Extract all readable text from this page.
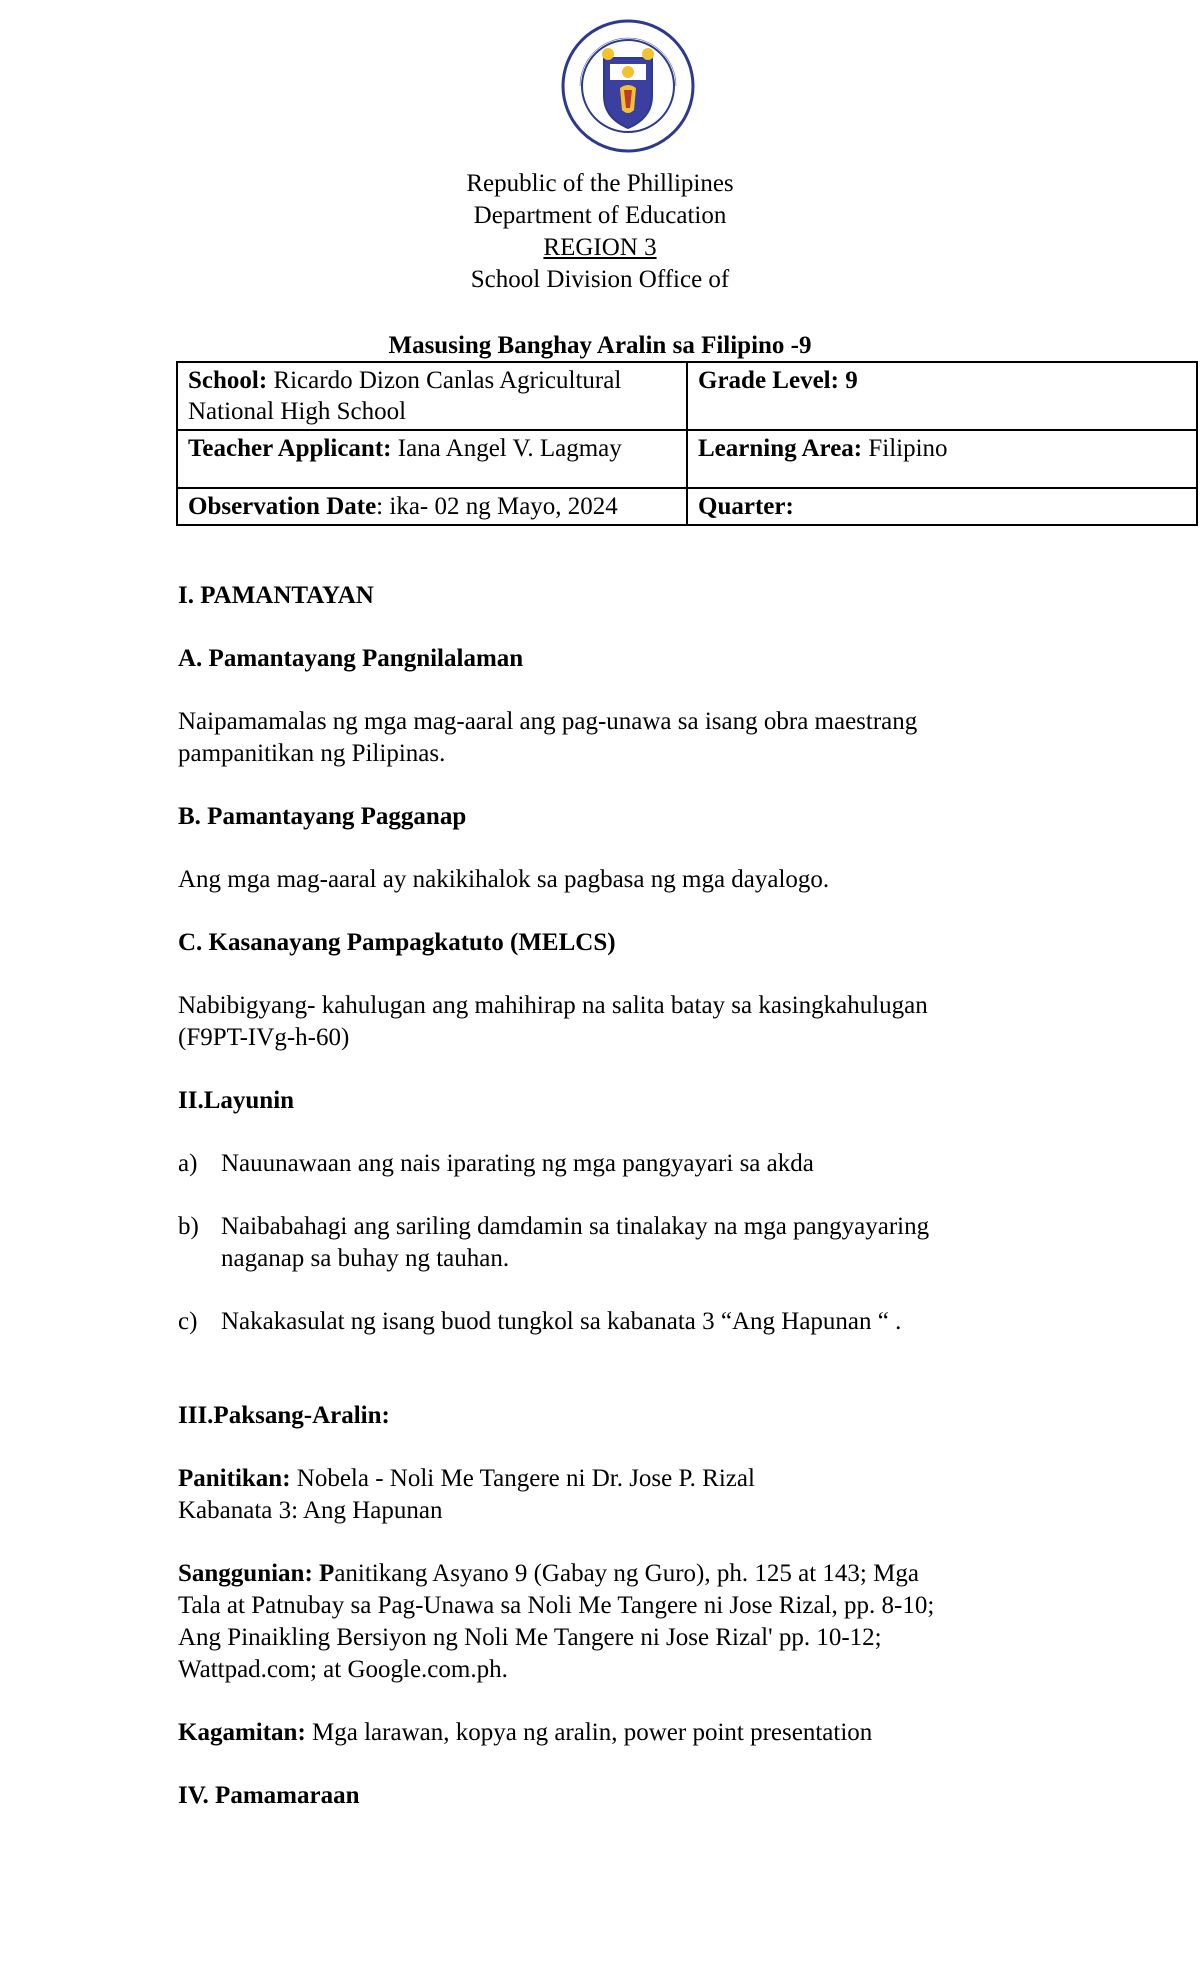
Republic of the Phillipines
Department of Education
REGION 3
School Division Office of
Masusing Banghay Aralin sa Filipino -9
School: Ricardo Dizon Canlas Agricultural National High School	Grade Level: 9
Teacher Applicant: Iana Angel V. Lagmay	Learning Area: Filipino
Observation Date: ika- 02 ng Mayo, 2024	Quarter:

I. PAMANTAYAN

A. Pamantayang Pangnilalaman

Naipamamalas ng mga mag-aaral ang pag-unawa sa isang obra maestrang

pampanitikan ng Pilipinas.

B. Pamantayang Pagganap

Ang mga mag-aaral ay nakikihalok sa pagbasa ng mga dayalogo.

C. Kasanayang Pampagkatuto (MELCS)

Nabibigyang- kahulugan ang mahihirap na salita batay sa kasingkahulugan

(F9PT-IVg-h-60)

II.Layunin

a) Nauunawaan ang nais iparating ng mga pangyayari sa akda
b) Naibabahagi ang sariling damdamin sa tinalakay na mga pangyayaring
naganap sa buhay ng tauhan.
c) Nakakasulat ng isang buod tungkol sa kabanata 3 “Ang Hapunan “ .

III.Paksang-Aralin:

Panitikan: Nobela - Noli Me Tangere ni Dr. Jose P. Rizal

Kabanata 3: Ang Hapunan

Sanggunian: Panitikang Asyano 9 (Gabay ng Guro), ph. 125 at 143; Mga

Tala at Patnubay sa Pag-Unawa sa Noli Me Tangere ni Jose Rizal, pp. 8-10;

Ang Pinaikling Bersiyon ng Noli Me Tangere ni Jose Rizal' pp. 10-12;

Wattpad.com; at Google.com.ph.

Kagamitan: Mga larawan, kopya ng aralin, power point presentation

IV. Pamamaraan
